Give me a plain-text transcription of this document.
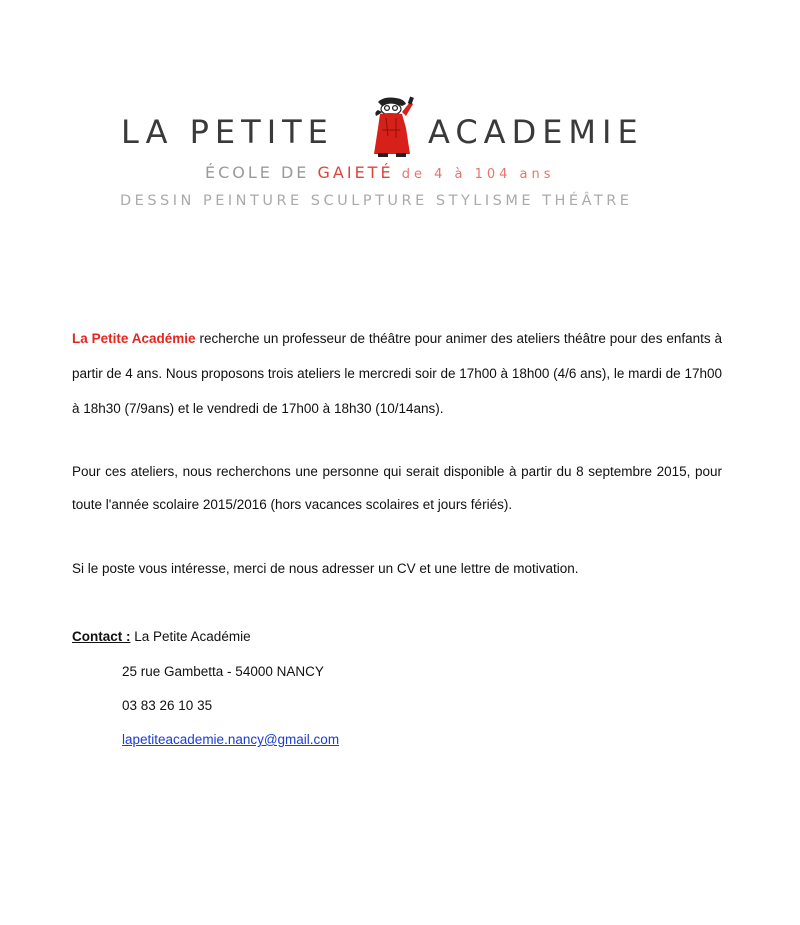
LA PETITE	ACADEMIE
ÉCOLE DE GAIETÉ de 4 à 104 ans
DESSIN PEINTURE SCULPTURE STYLISME THÉÂTRE
La Petite Académie recherche un professeur de théâtre pour animer des ateliers théâtre pour des enfants à partir de 4 ans. Nous proposons trois ateliers le mercredi soir de 17h00 à 18h00 (4/6 ans), le mardi de 17h00 à 18h30 (7/9ans) et le vendredi de 17h00 à 18h30 (10/14ans).
Pour ces ateliers, nous recherchons une personne qui serait disponible à partir du 8 septembre 2015, pour toute l'année scolaire 2015/2016 (hors vacances scolaires et jours fériés).
Si le poste vous intéresse, merci de nous adresser un CV et une lettre de motivation.
Contact : La Petite Académie
25 rue Gambetta - 54000 NANCY
03 83 26 10 35
lapetiteacademie.nancy@gmail.com
